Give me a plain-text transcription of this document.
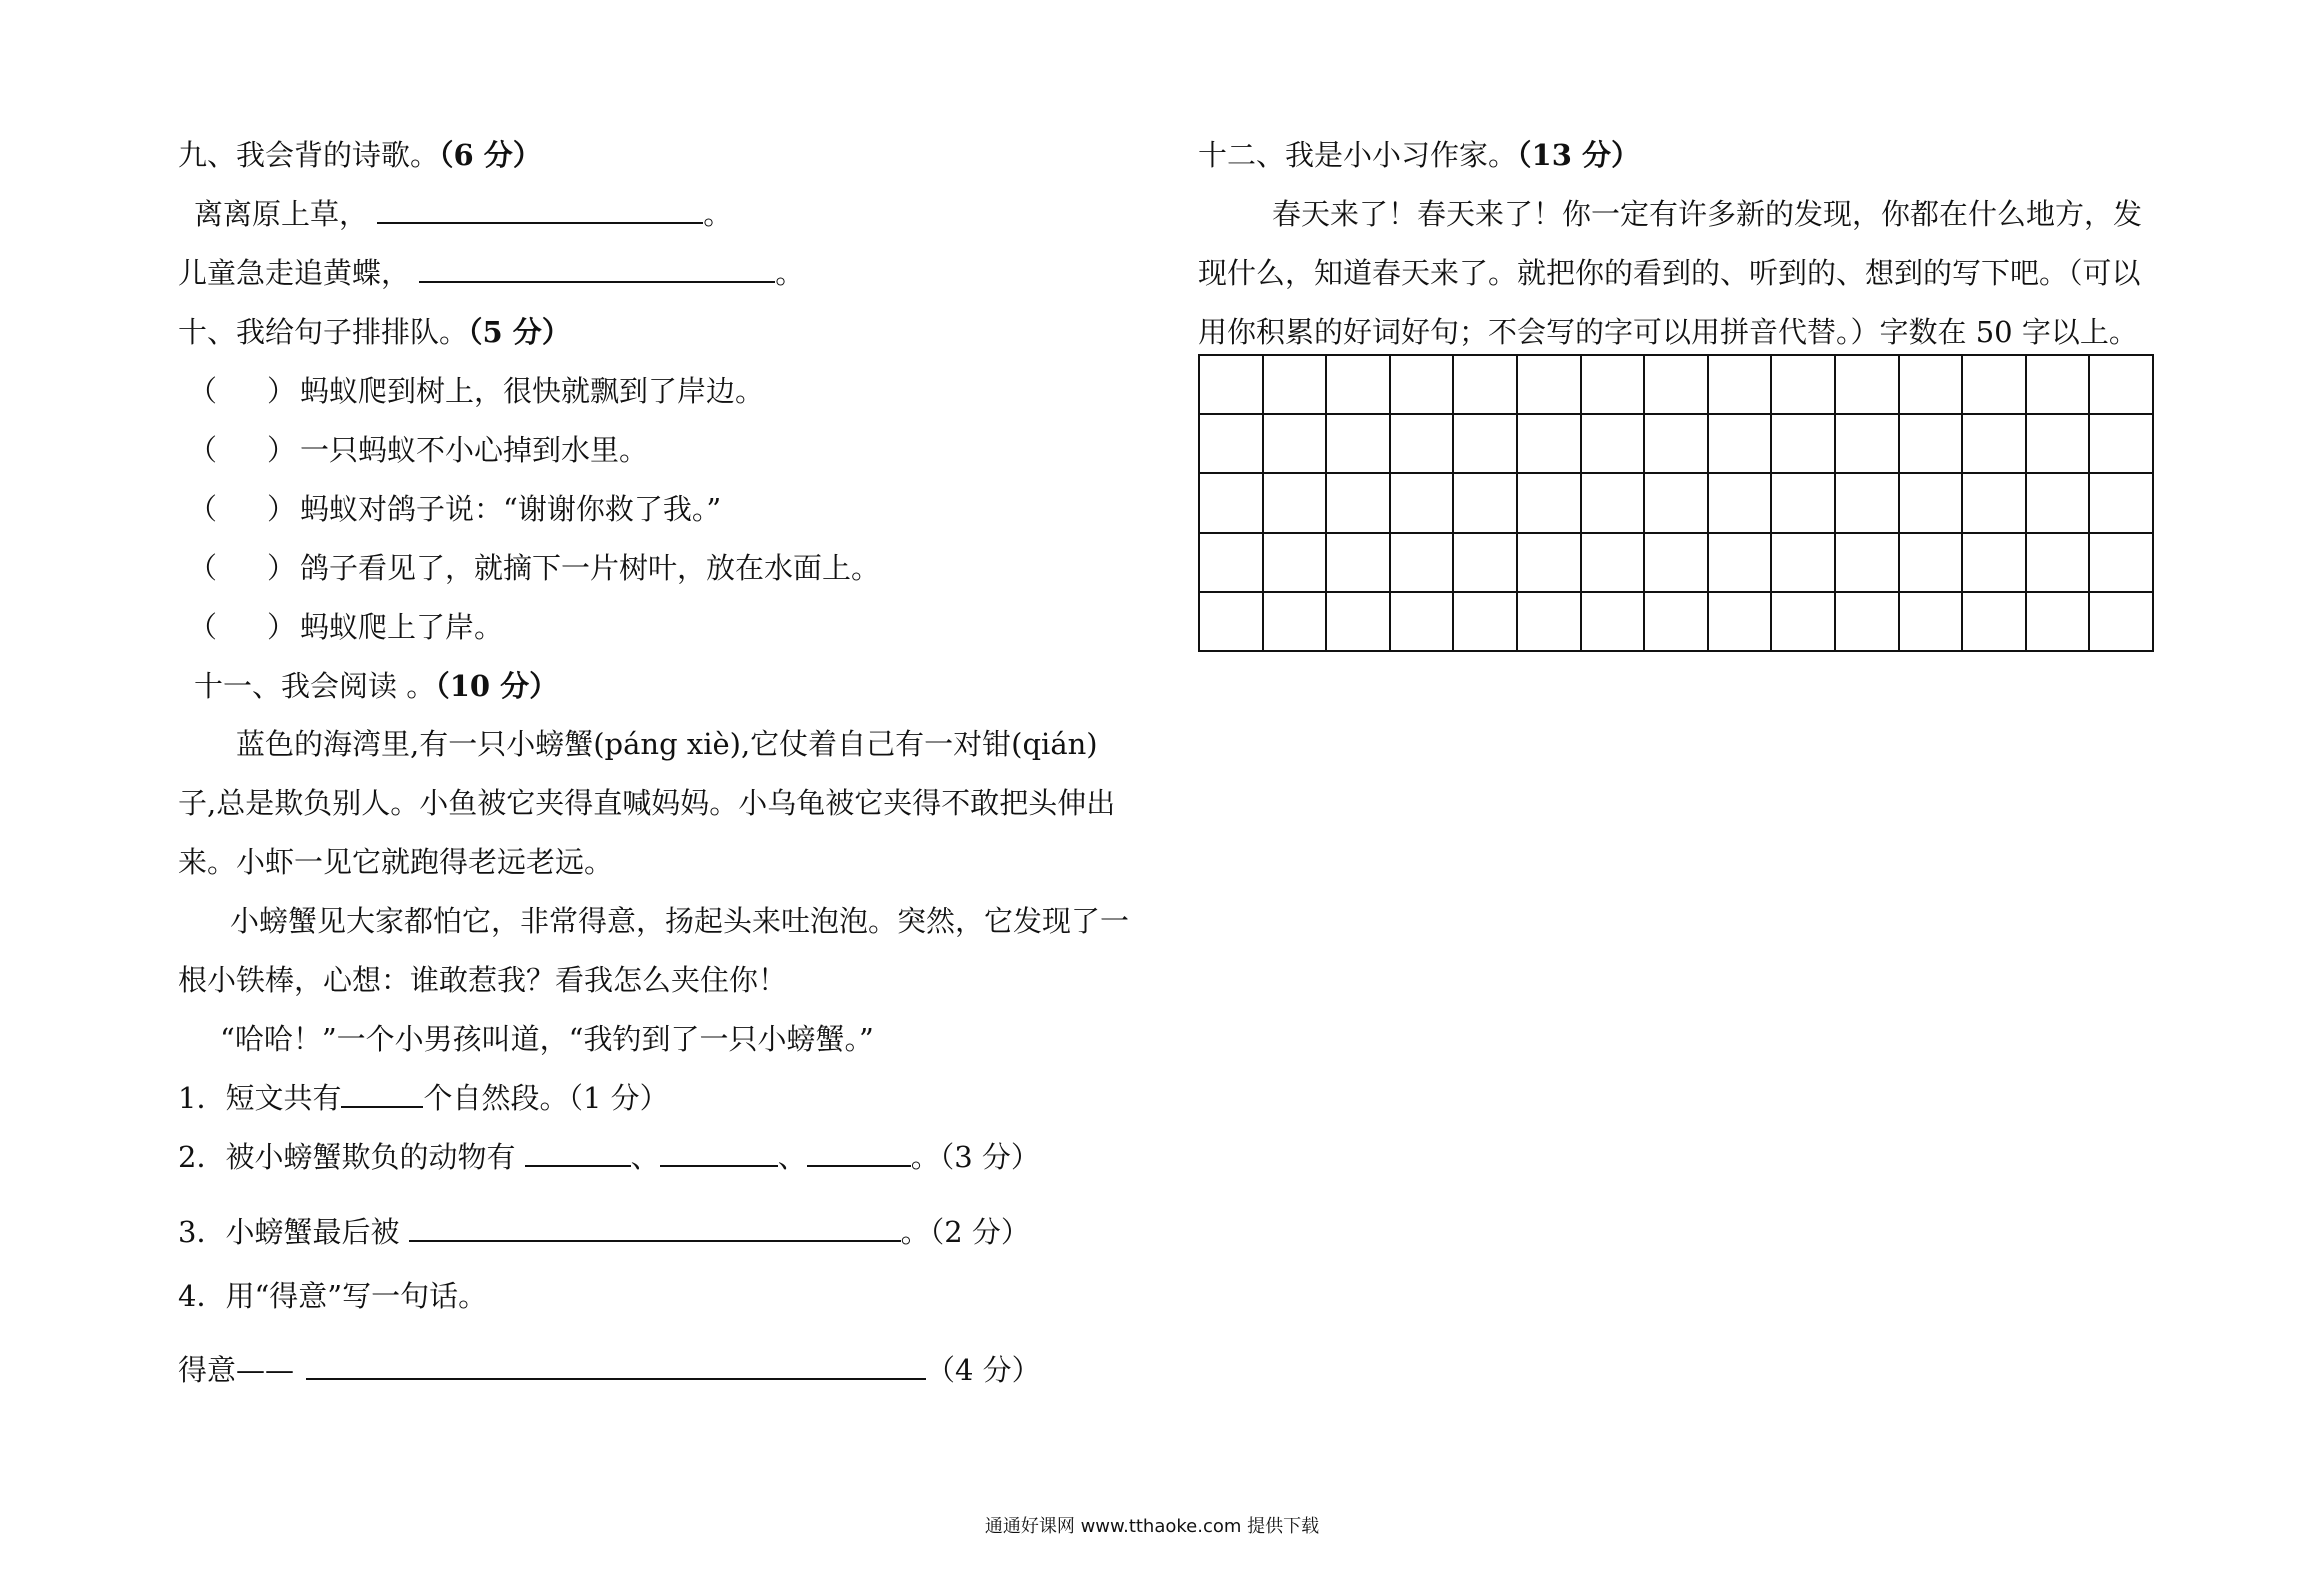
九、我会背的诗歌。（6 分）
离离原上草，	。
儿童急走追黄蝶，	。
十、我给句子排排队。（5 分）
（ ） 蚂蚁爬到树上，很快就飘到了岸边。
（ ） 一只蚂蚁不小心掉到水里。
（ ） 蚂蚁对鸽子说：“谢谢你救了我。”
（ ） 鸽子看见了，就摘下一片树叶，放在水面上。
（ ） 蚂蚁爬上了岸。
十一、我会阅读 。（10 分）
蓝色的海湾里,有一只小螃蟹(páng xiè),它仗着自己有一对钳(qián)
子,总是欺负别人。小鱼被它夹得直喊妈妈。小乌龟被它夹得不敢把头伸出
来。小虾一见它就跑得老远老远。
小螃蟹见大家都怕它，非常得意，扬起头来吐泡泡。突然，它发现了一
根小铁棒，心想：谁敢惹我？看我怎么夹住你！
“哈哈！”一个小男孩叫道，“我钓到了一只小螃蟹。”
1．短文共有	个自然段。（1 分）
2．被小螃蟹欺负的动物有	、	、	。（3 分）
3．小螃蟹最后被	。（2 分）
4．用“得意”写一句话。
得意——	（4 分）
十二、我是小小习作家。（13 分）
春天来了！春天来了！你一定有许多新的发现，你都在什么地方，发
现什么，知道春天来了。就把你的看到的、听到的、想到的写下吧。（可以
用你积累的好词好句；不会写的字可以用拼音代替。）字数在 50 字以上。
通通好课网 www.tthaoke.com 提供下载
